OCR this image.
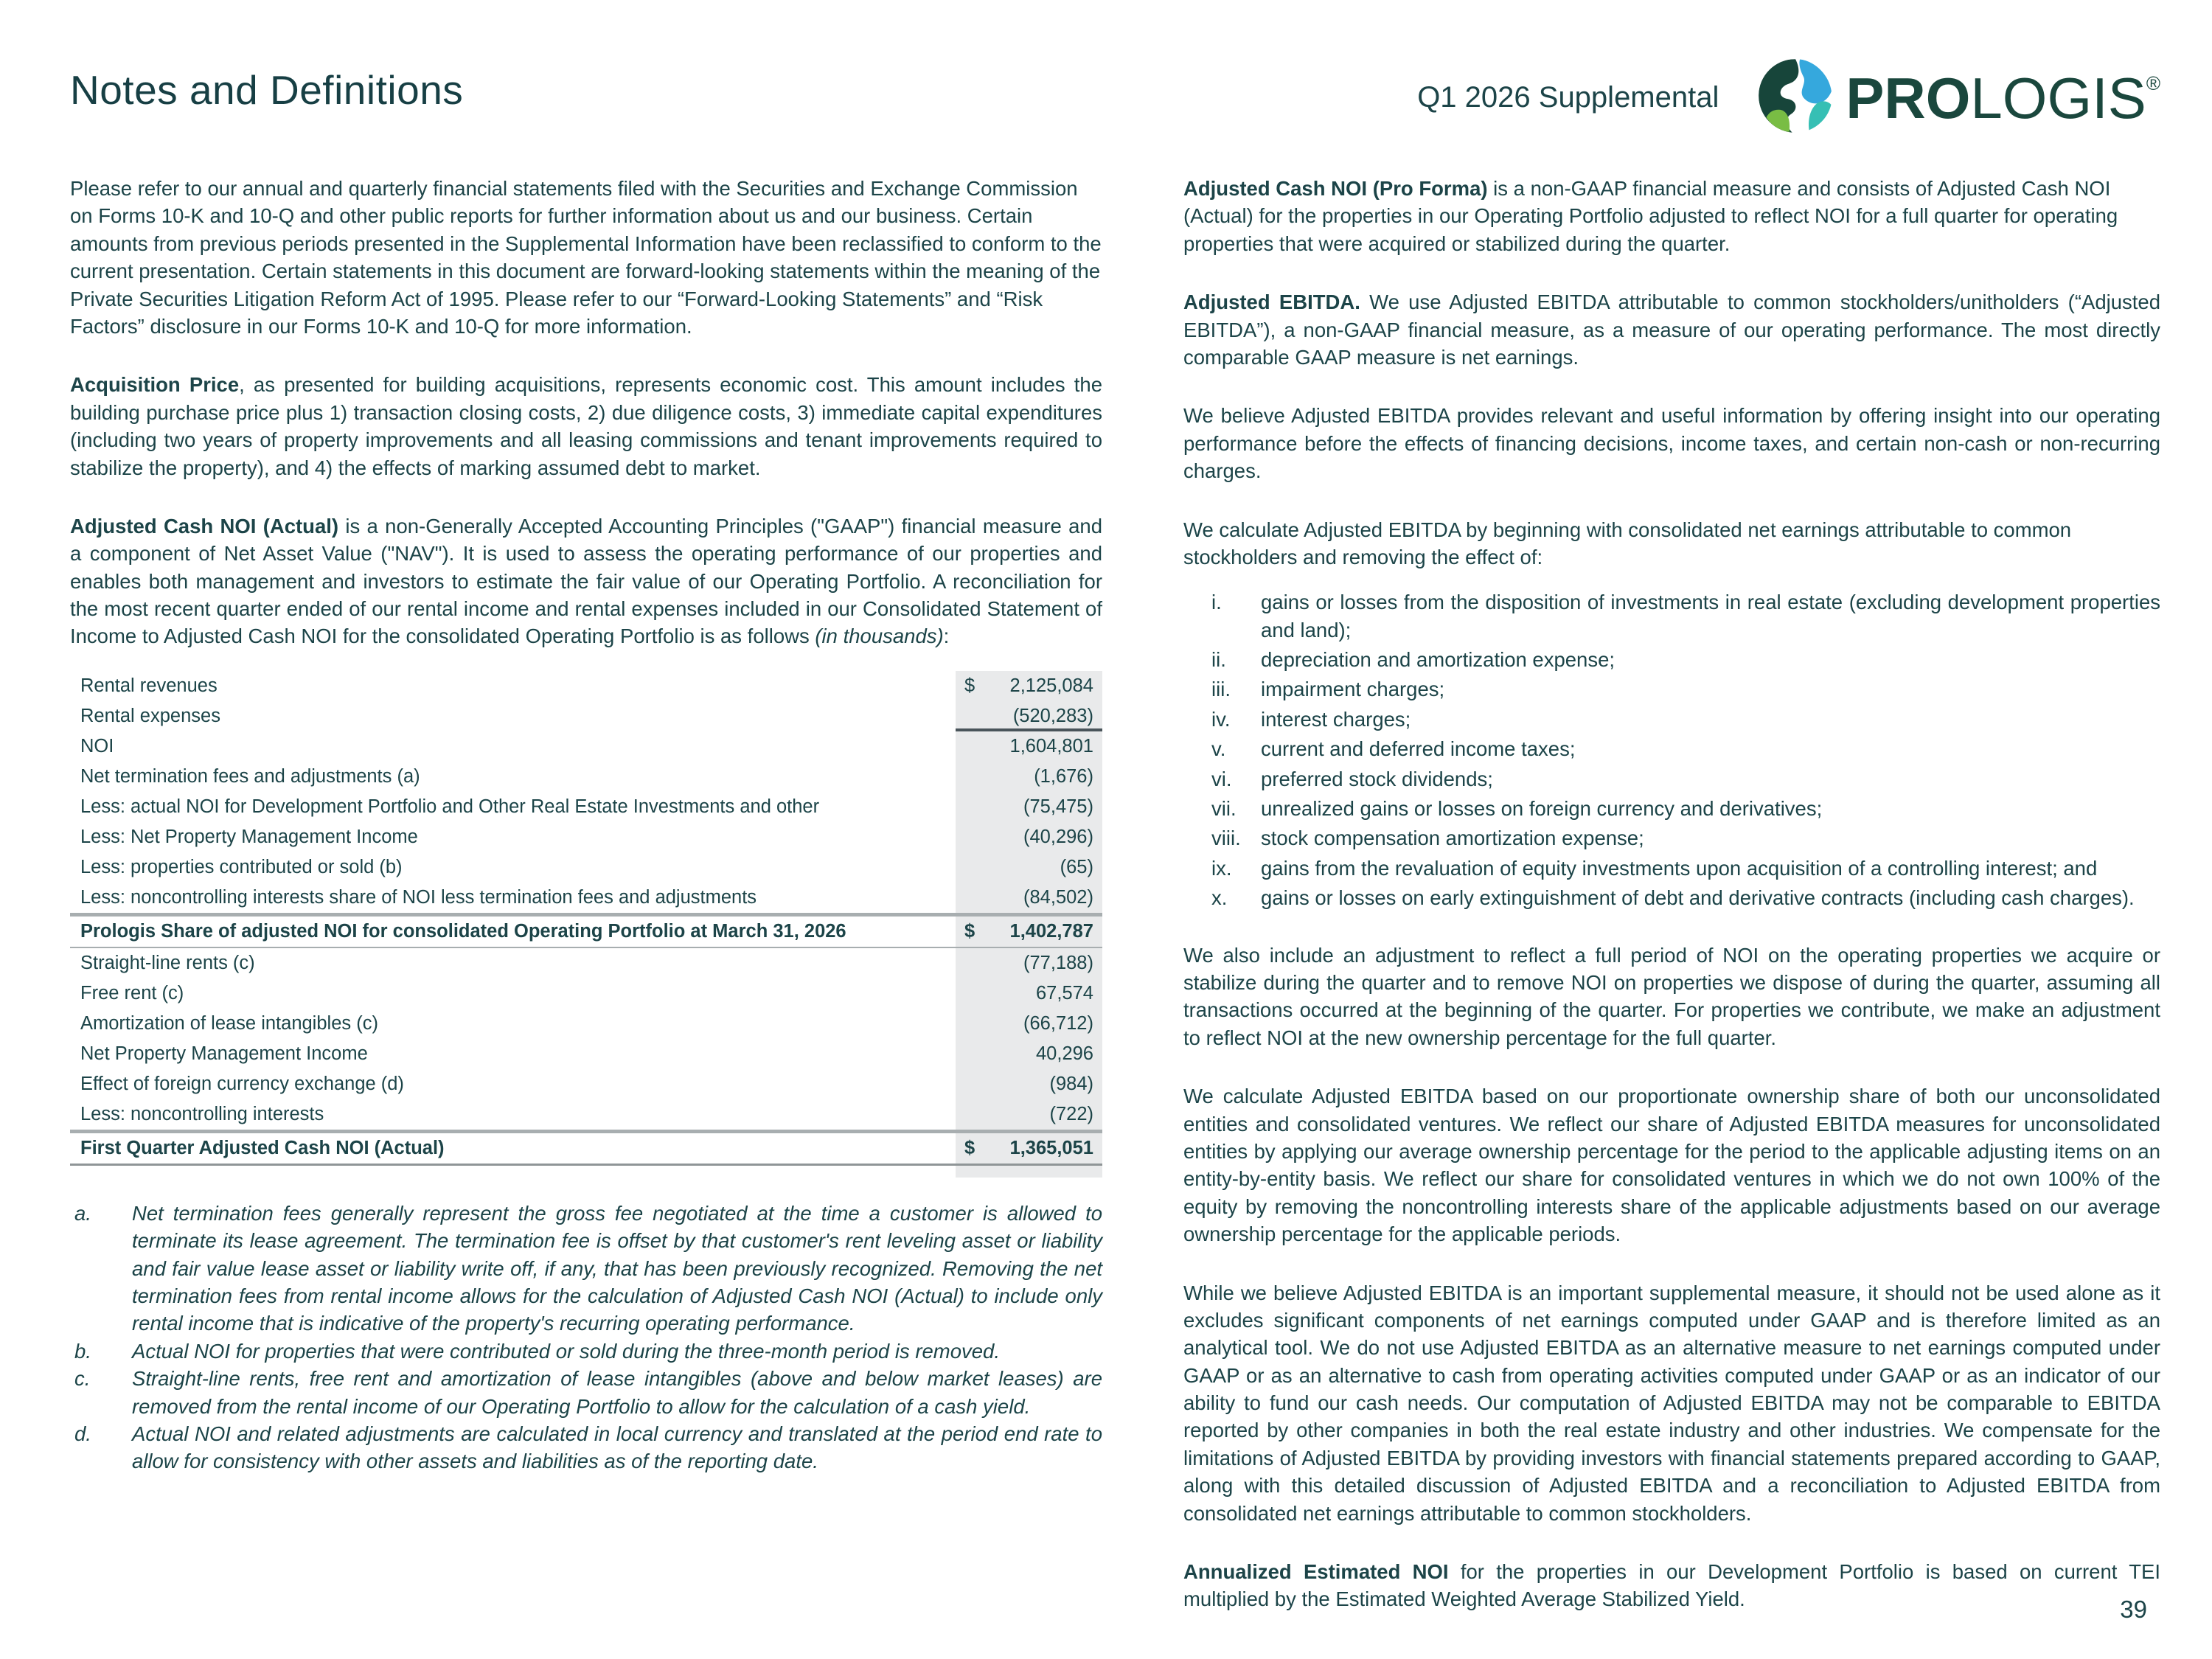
Notes and Definitions	Q1 2026 Supplemental PROLOGIS®

Please refer to our annual and quarterly financial statements filed with the Securities and Exchange Commission on Forms 10-K and 10-Q and other public reports for further information about us and our business. Certain amounts from previous periods presented in the Supplemental Information have been reclassified to conform to the current presentation. Certain statements in this document are forward-looking statements within the meaning of the Private Securities Litigation Reform Act of 1995. Please refer to our “Forward-Looking Statements” and “Risk Factors” disclosure in our Forms 10-K and 10-Q for more information.

Acquisition Price, as presented for building acquisitions, represents economic cost. This amount includes the building purchase price plus 1) transaction closing costs, 2) due diligence costs, 3) immediate capital expenditures (including two years of property improvements and all leasing commissions and tenant improvements required to stabilize the property), and 4) the effects of marking assumed debt to market.

Adjusted Cash NOI (Actual) is a non-Generally Accepted Accounting Principles ("GAAP") financial measure and a component of Net Asset Value ("NAV"). It is used to assess the operating performance of our properties and enables both management and investors to estimate the fair value of our Operating Portfolio. A reconciliation for the most recent quarter ended of our rental income and rental expenses included in our Consolidated Statement of Income to Adjusted Cash NOI for the consolidated Operating Portfolio is as follows (in thousands):

Rental revenues	$ 2,125,084
Rental expenses	(520,283)
NOI	1,604,801
Net termination fees and adjustments (a)	(1,676)
Less: actual NOI for Development Portfolio and Other Real Estate Investments and other	(75,475)
Less: Net Property Management Income	(40,296)
Less: properties contributed or sold (b)	(65)
Less: noncontrolling interests share of NOI less termination fees and adjustments	(84,502)
Prologis Share of adjusted NOI for consolidated Operating Portfolio at March 31, 2026	$ 1,402,787
Straight-line rents (c)	(77,188)
Free rent (c)	67,574
Amortization of lease intangibles (c)	(66,712)
Net Property Management Income	40,296
Effect of foreign currency exchange (d)	(984)
Less: noncontrolling interests	(722)
First Quarter Adjusted Cash NOI (Actual)	$ 1,365,051
a.	Net termination fees generally represent the gross fee negotiated at the time a customer is allowed to terminate its lease agreement. The termination fee is offset by that customer's rent leveling asset or liability and fair value lease asset or liability write off, if any, that has been previously recognized. Removing the net termination fees from rental income allows for the calculation of Adjusted Cash NOI (Actual) to include only rental income that is indicative of the property's recurring operating performance.
b.	Actual NOI for properties that were contributed or sold during the three-month period is removed.
c.	Straight-line rents, free rent and amortization of lease intangibles (above and below market leases) are removed from the rental income of our Operating Portfolio to allow for the calculation of a cash yield.
d.	Actual NOI and related adjustments are calculated in local currency and translated at the period end rate to allow for consistency with other assets and liabilities as of the reporting date.

Adjusted Cash NOI (Pro Forma) is a non-GAAP financial measure and consists of Adjusted Cash NOI (Actual) for the properties in our Operating Portfolio adjusted to reflect NOI for a full quarter for operating properties that were acquired or stabilized during the quarter.

Adjusted EBITDA. We use Adjusted EBITDA attributable to common stockholders/unitholders (“Adjusted EBITDA”), a non-GAAP financial measure, as a measure of our operating performance. The most directly comparable GAAP measure is net earnings.

We believe Adjusted EBITDA provides relevant and useful information by offering insight into our operating performance before the effects of financing decisions, income taxes, and certain non-cash or non-recurring charges.

We calculate Adjusted EBITDA by beginning with consolidated net earnings attributable to common stockholders and removing the effect of:

i.	gains or losses from the disposition of investments in real estate (excluding development properties and land);
ii.	depreciation and amortization expense;
iii.	impairment charges;
iv.	interest charges;
v.	current and deferred income taxes;
vi.	preferred stock dividends;
vii.	unrealized gains or losses on foreign currency and derivatives;
viii. stock compensation amortization expense;
ix.	gains from the revaluation of equity investments upon acquisition of a controlling interest; and
x.	gains or losses on early extinguishment of debt and derivative contracts (including cash charges).

We also include an adjustment to reflect a full period of NOI on the operating properties we acquire or stabilize during the quarter and to remove NOI on properties we dispose of during the quarter, assuming all transactions occurred at the beginning of the quarter. For properties we contribute, we make an adjustment to reflect NOI at the new ownership percentage for the full quarter.

We calculate Adjusted EBITDA based on our proportionate ownership share of both our unconsolidated entities and consolidated ventures. We reflect our share of Adjusted EBITDA measures for unconsolidated entities by applying our average ownership percentage for the period to the applicable adjusting items on an entity-by-entity basis. We reflect our share for consolidated ventures in which we do not own 100% of the equity by removing the noncontrolling interests share of the applicable adjustments based on our average ownership percentage for the applicable periods.

While we believe Adjusted EBITDA is an important supplemental measure, it should not be used alone as it excludes significant components of net earnings computed under GAAP and is therefore limited as an analytical tool. We do not use Adjusted EBITDA as an alternative measure to net earnings computed under GAAP or as an alternative to cash from operating activities computed under GAAP or as an indicator of our ability to fund our cash needs. Our computation of Adjusted EBITDA may not be comparable to EBITDA reported by other companies in both the real estate industry and other industries. We compensate for the limitations of Adjusted EBITDA by providing investors with financial statements prepared according to GAAP, along with this detailed discussion of Adjusted EBITDA and a reconciliation to Adjusted EBITDA from consolidated net earnings attributable to common stockholders.

Annualized Estimated NOI for the properties in our Development Portfolio is based on current TEI multiplied by the Estimated Weighted Average Stabilized Yield.	39
